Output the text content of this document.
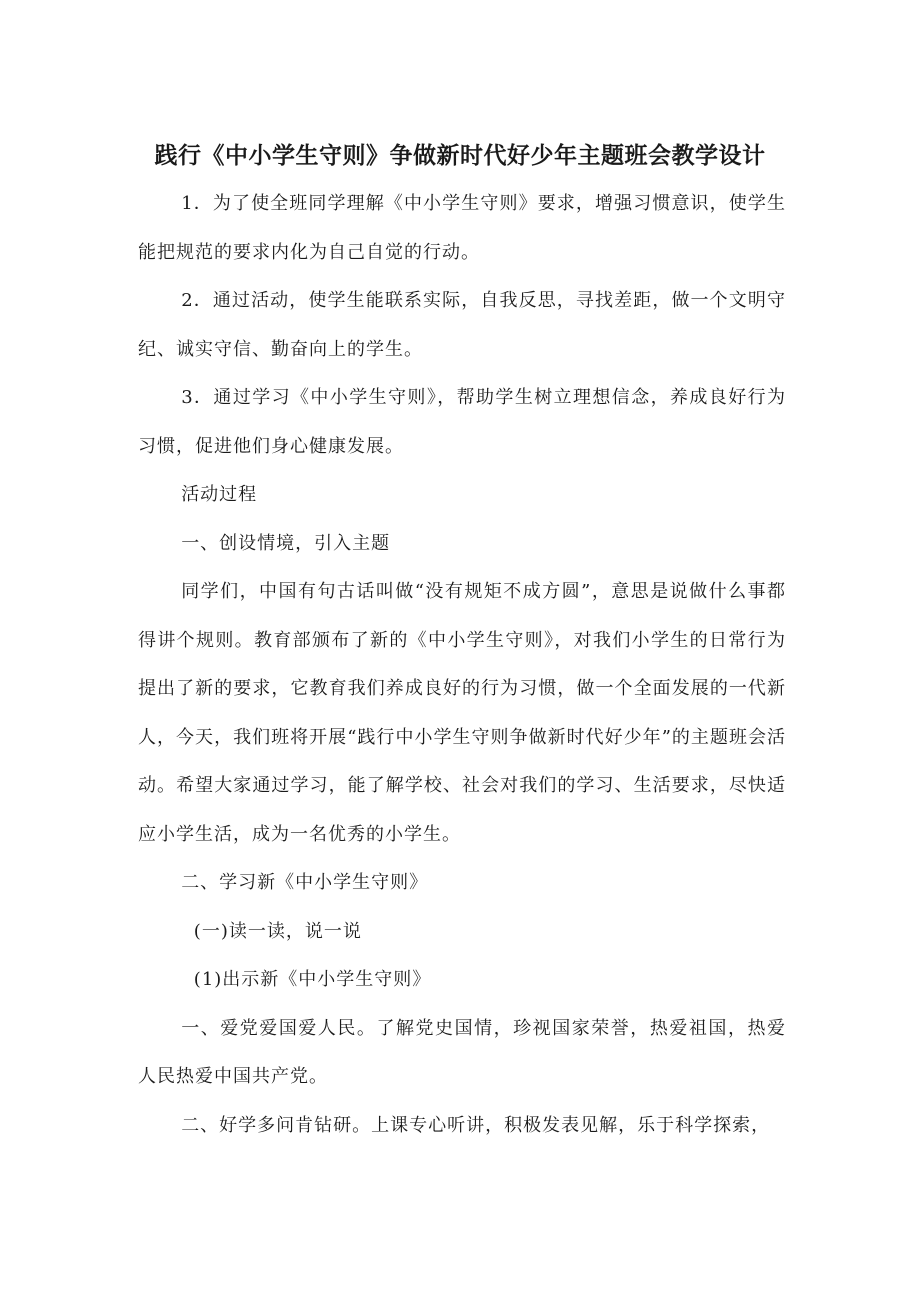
践行《中小学生守则》争做新时代好少年主题班会教学设计

1．为了使全班同学理解《中小学生守则》要求，增强习惯意识，使学生能把规范的要求内化为自己自觉的行动。

2．通过活动，使学生能联系实际，自我反思，寻找差距，做一个文明守纪、诚实守信、勤奋向上的学生。

3．通过学习《中小学生守则》，帮助学生树立理想信念，养成良好行为习惯，促进他们身心健康发展。

活动过程

一、创设情境，引入主题

同学们，中国有句古话叫做“没有规矩不成方圆”，意思是说做什么事都得讲个规则。教育部颁布了新的《中小学生守则》，对我们小学生的日常行为提出了新的要求，它教育我们养成良好的行为习惯，做一个全面发展的一代新人，今天，我们班将开展“践行中小学生守则争做新时代好少年”的主题班会活动。希望大家通过学习，能了解学校、社会对我们的学习、生活要求，尽快适应小学生活，成为一名优秀的小学生。

二、学习新《中小学生守则》

(一)读一读，说一说

(1)出示新《中小学生守则》

一、爱党爱国爱人民。了解党史国情，珍视国家荣誉，热爱祖国，热爱人民热爱中国共产党。

二、好学多问肯钻研。上课专心听讲，积极发表见解，乐于科学探索，
